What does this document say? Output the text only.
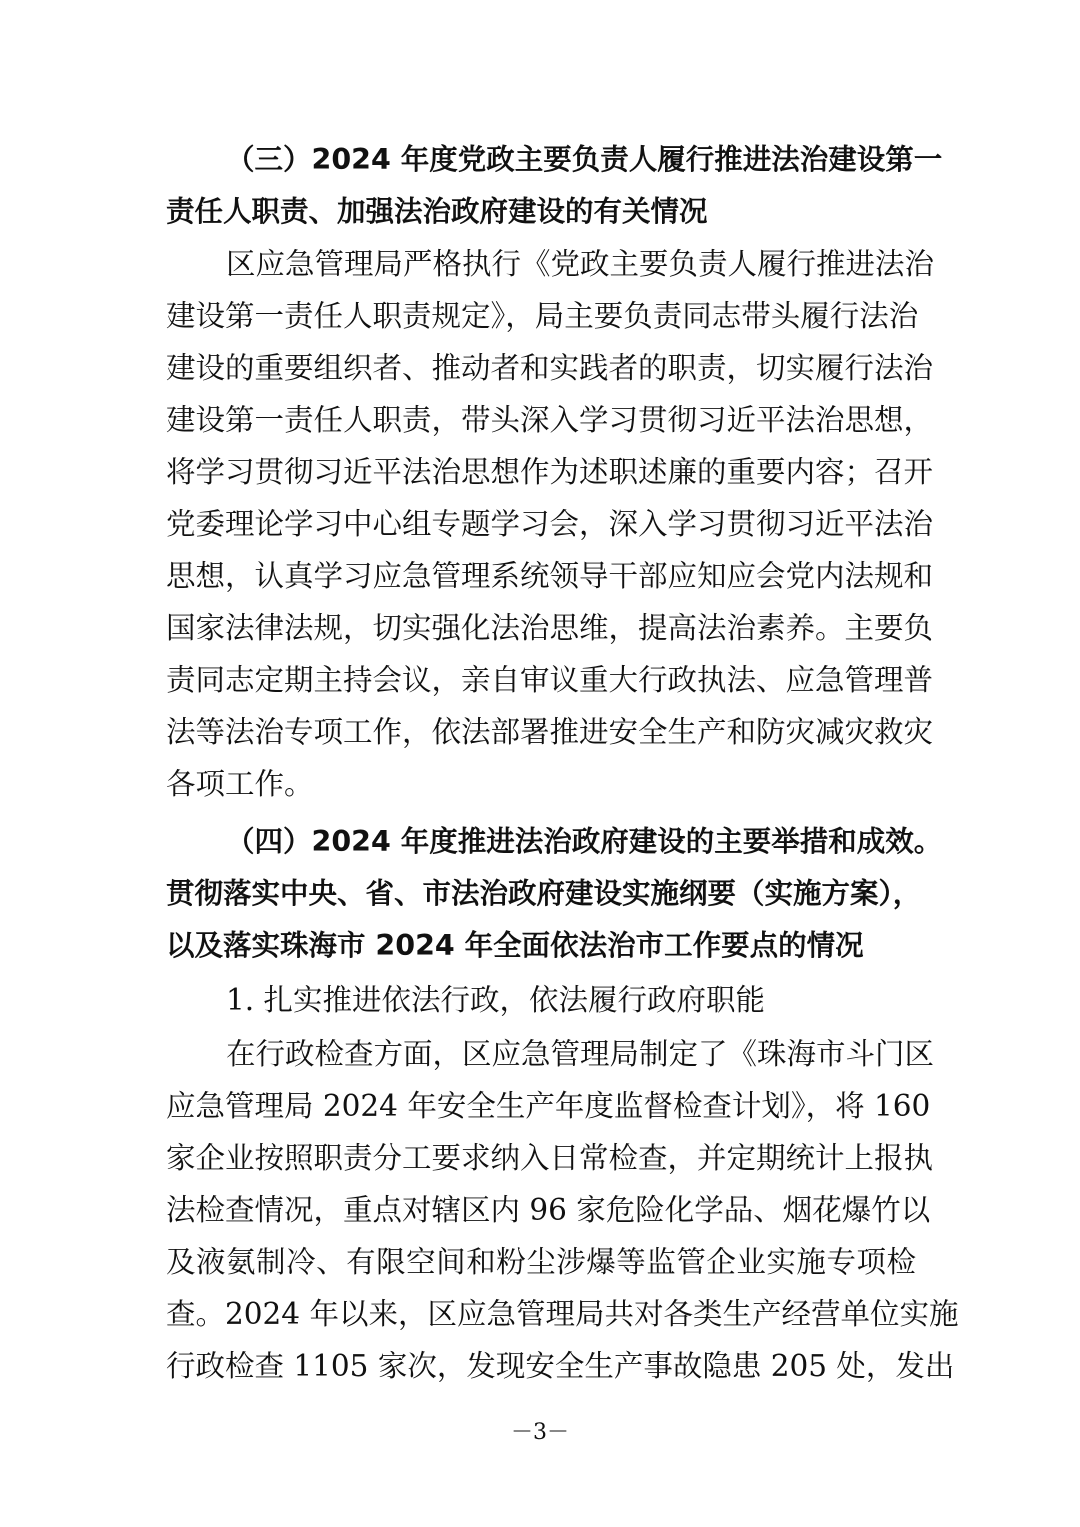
（三）2024 年度党政主要负责人履行推进法治建设第一
责任人职责、加强法治政府建设的有关情况
区应急管理局严格执行《党政主要负责人履行推进法治
建设第一责任人职责规定》，局主要负责同志带头履行法治
建设的重要组织者、推动者和实践者的职责，切实履行法治
建设第一责任人职责，带头深入学习贯彻习近平法治思想，
将学习贯彻习近平法治思想作为述职述廉的重要内容；召开
党委理论学习中心组专题学习会，深入学习贯彻习近平法治
思想，认真学习应急管理系统领导干部应知应会党内法规和
国家法律法规，切实强化法治思维，提高法治素养。主要负
责同志定期主持会议，亲自审议重大行政执法、应急管理普
法等法治专项工作，依法部署推进安全生产和防灾减灾救灾
各项工作。
（四）2024 年度推进法治政府建设的主要举措和成效。
贯彻落实中央、省、市法治政府建设实施纲要（实施方案），
以及落实珠海市 2024 年全面依法治市工作要点的情况
1. 扎实推进依法行政，依法履行政府职能
在行政检查方面，区应急管理局制定了《珠海市斗门区
应急管理局 2024 年安全生产年度监督检查计划》，将 160
家企业按照职责分工要求纳入日常检查，并定期统计上报执
法检查情况，重点对辖区内 96 家危险化学品、烟花爆竹以
及液氨制冷、有限空间和粉尘涉爆等监管企业实施专项检
查。2024 年以来，区应急管理局共对各类生产经营单位实施
行政检查 1105 家次，发现安全生产事故隐患 205 处，发出
－3－
